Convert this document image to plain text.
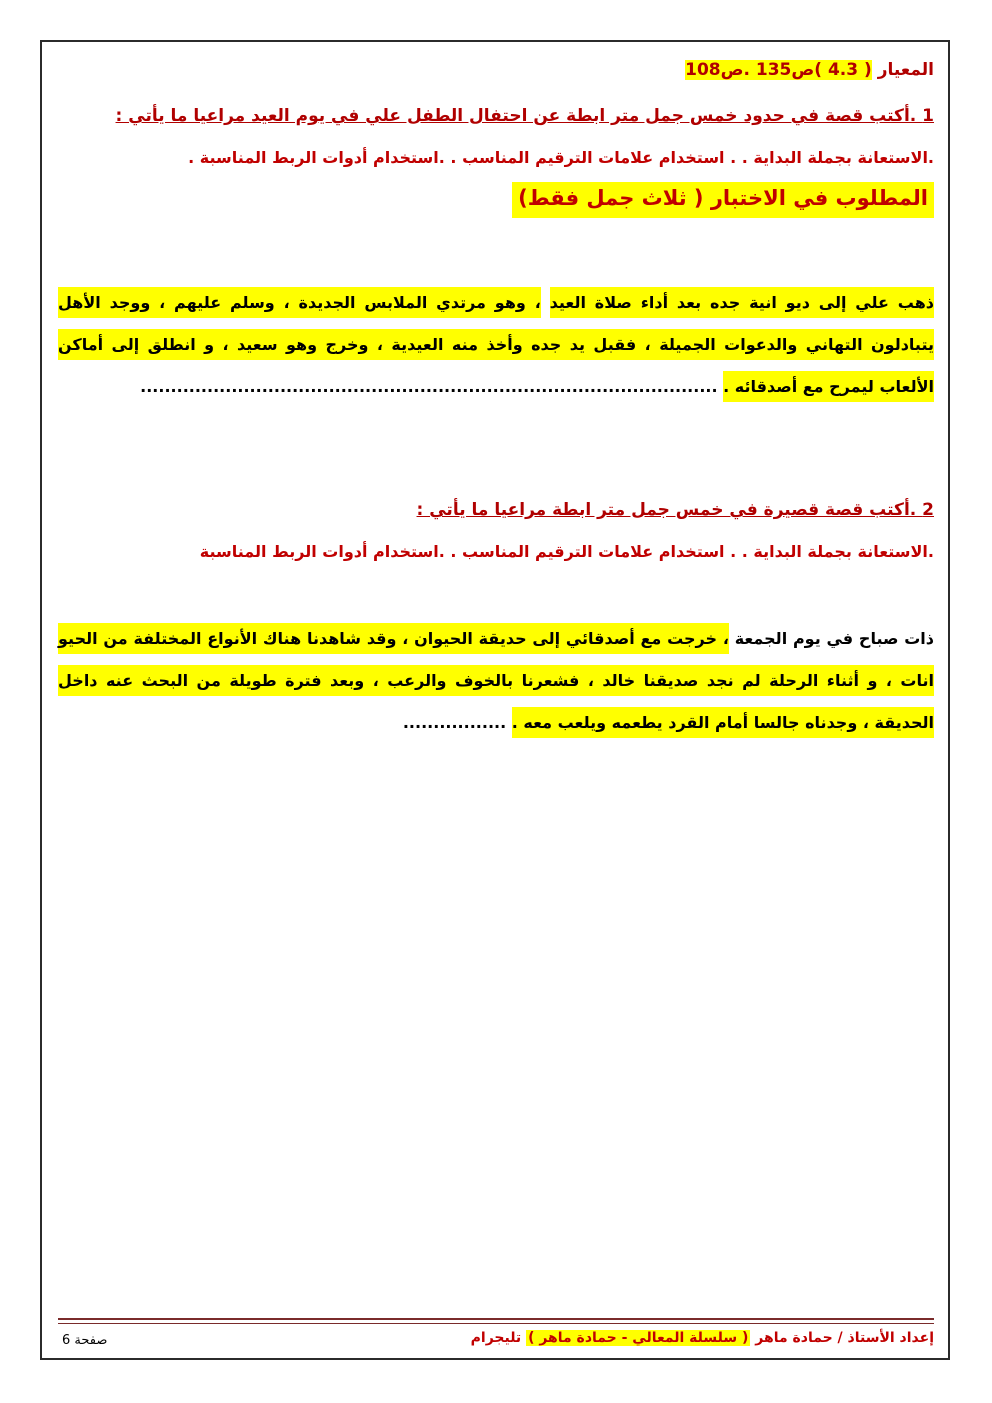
المعيار ( 4.3 )ص135 .ص108
1 .أكتب قصة في حدود خمس جمل متر ابطة عن احتفال الطفل علي في يوم العيد مراعيا ما يأتي :
.الاستعانة بجملة البداية . . استخدام علامات الترقيم المناسب . .استخدام أدوات الربط المناسبة .
المطلوب في الاختبار ( ثلاث جمل فقط)
ذهب علي إلى ديو انية جده بعد أداء صلاة العيد ، وهو مرتدي الملابس الجديدة ، وسلم عليهم ، ووجد الأهل يتبادلون التهاني والدعوات الجميلة ، فقبل يد جده وأخذ منه العيدية ، وخرج وهو سعيد ، و انطلق إلى أماكن الألعاب ليمرح مع أصدقائه . ...............................................................................................
2 .أكتب قصة قصيرة في خمس جمل متر ابطة مراعيا ما يأتي :
.الاستعانة بجملة البداية . . استخدام علامات الترقيم المناسب . .استخدام أدوات الربط المناسبة
ذات صباح في يوم الجمعة ، خرجت مع أصدقائي إلى حديقة الحيوان ، وقد شاهدنا هناك الأنواع المختلفة من الحيو انات ، و أثناء الرحلة لم نجد صديقنا خالد ، فشعرنا بالخوف والرعب ، وبعد فترة طويلة من البحث عنه داخل الحديقة ، وجدناه جالسا أمام القرد يطعمه ويلعب معه . .................
إعداد الأستاذ / حمادة ماهر ( سلسلة المعالي - حمادة ماهر ) تليجرام
صفحة 6
